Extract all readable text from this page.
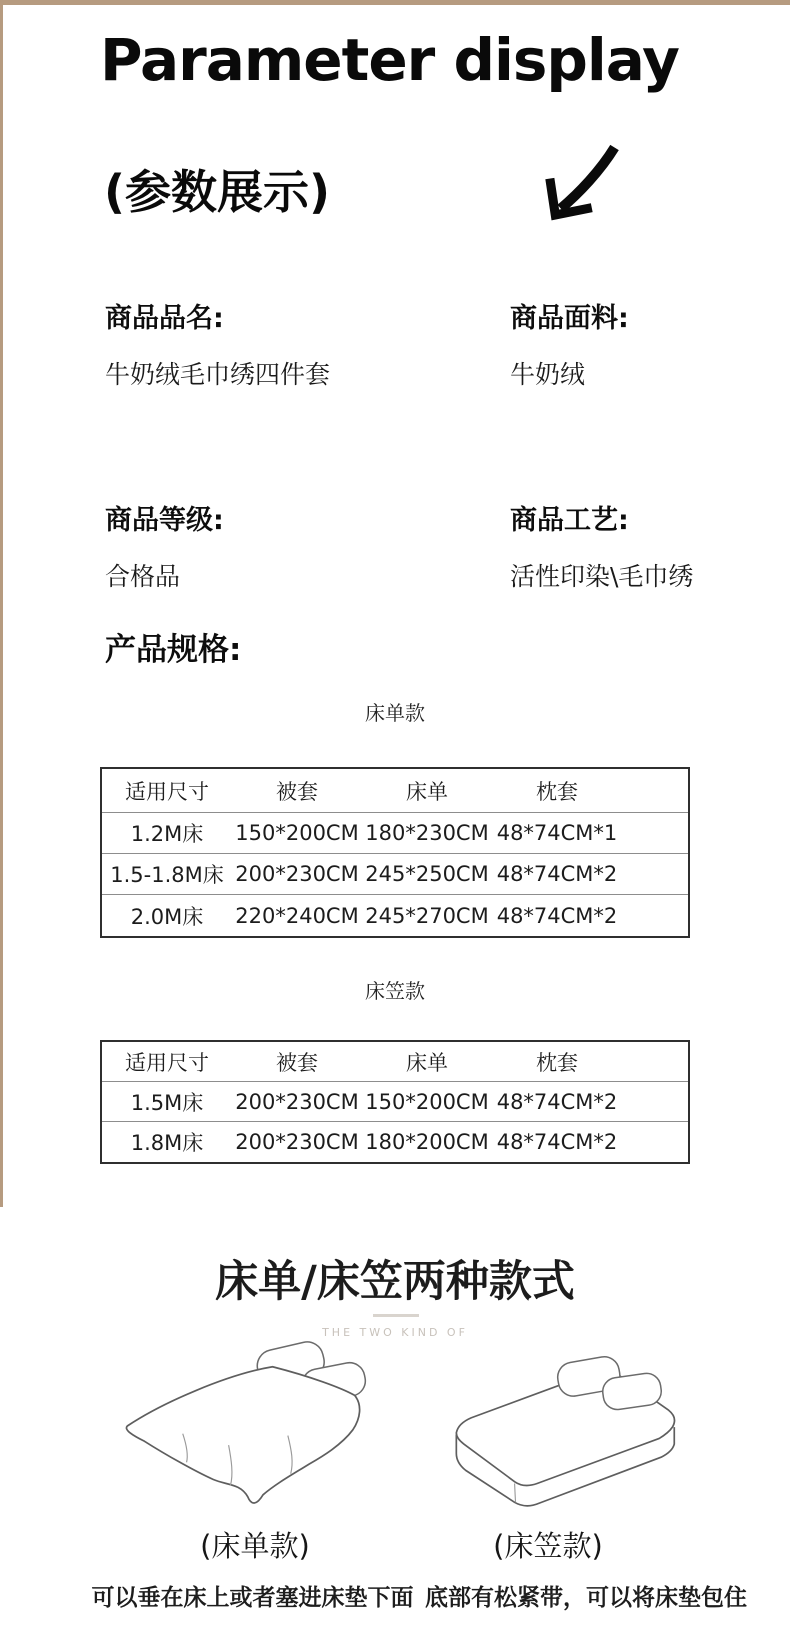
Parameter display
(参数展示)
商品品名:
牛奶绒毛巾绣四件套
商品面料:
牛奶绒
商品等级:
合格品
商品工艺:
活性印染\毛巾绣
产品规格:
床单款
适用尺寸	被套	床单	枕套
1.2M床	150*200CM 180*230CM 48*74CM*1
1.5-1.8M床 200*230CM 245*250CM 48*74CM*2
2.0M床	220*240CM 245*270CM 48*74CM*2
床笠款
适用尺寸	被套	床单	枕套
1.5M床	200*230CM 150*200CM 48*74CM*2
1.8M床	200*230CM 180*200CM 48*74CM*2
床单/床笠两种款式
THE TWO KIND OF
(床单款)	(床笠款)
可以垂在床上或者塞进床垫下面 底部有松紧带，可以将床垫包住
